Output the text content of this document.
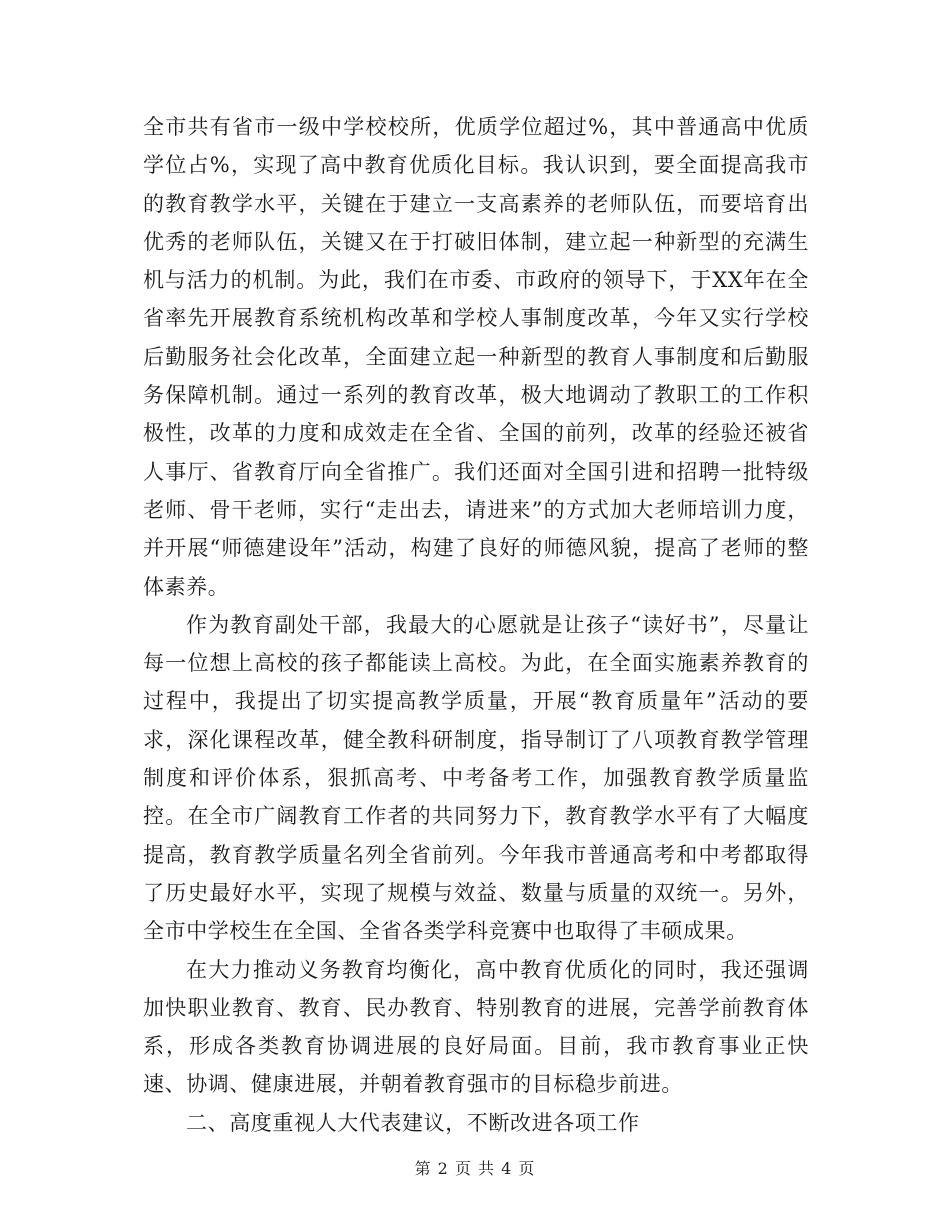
全市共有省市一级中学校校所，优质学位超过%，其中普通高中优质学位占%，实现了高中教育优质化目标。我认识到，要全面提高我市的教育教学水平，关键在于建立一支高素养的老师队伍，而要培育出优秀的老师队伍，关键又在于打破旧体制，建立起一种新型的充满生机与活力的机制。为此，我们在市委、市政府的领导下，于XX年在全省率先开展教育系统机构改革和学校人事制度改革，今年又实行学校后勤服务社会化改革，全面建立起一种新型的教育人事制度和后勤服务保障机制。通过一系列的教育改革，极大地调动了教职工的工作积极性，改革的力度和成效走在全省、全国的前列，改革的经验还被省人事厅、省教育厅向全省推广。我们还面对全国引进和招聘一批特级老师、骨干老师，实行“走出去，请进来”的方式加大老师培训力度，并开展“师德建设年”活动，构建了良好的师德风貌，提高了老师的整体素养。

作为教育副处干部，我最大的心愿就是让孩子“读好书”，尽量让每一位想上高校的孩子都能读上高校。为此，在全面实施素养教育的过程中，我提出了切实提高教学质量，开展“教育质量年”活动的要求，深化课程改革，健全教科研制度，指导制订了八项教育教学管理制度和评价体系，狠抓高考、中考备考工作，加强教育教学质量监控。在全市广阔教育工作者的共同努力下，教育教学水平有了大幅度提高，教育教学质量名列全省前列。今年我市普通高考和中考都取得了历史最好水平，实现了规模与效益、数量与质量的双统一。另外，全市中学校生在全国、全省各类学科竞赛中也取得了丰硕成果。

在大力推动义务教育均衡化，高中教育优质化的同时，我还强调加快职业教育、教育、民办教育、特别教育的进展，完善学前教育体系，形成各类教育协调进展的良好局面。目前，我市教育事业正快速、协调、健康进展，并朝着教育强市的目标稳步前进。

二、高度重视人大代表建议，不断改进各项工作

第 2 页 共 4 页
